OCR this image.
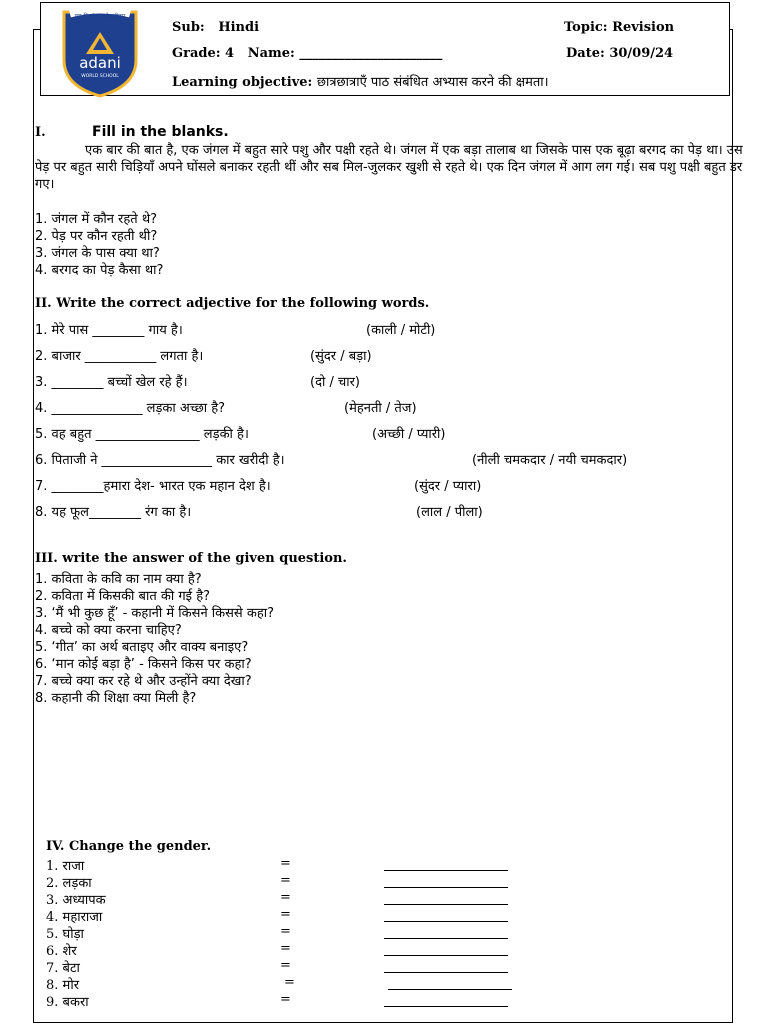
यत्र विश्वं भवत्येकनीडम्
adani
WORLD SCHOOL
Sub: Hindi	Topic: Revision
Grade: 4 Name: ______________________	Date: 30/09/24
Learning objective: छात्रछात्राएँ पाठ संबंधित अभ्यास करने की क्षमता।
I.	Fill in the blanks.
एक बार की बात है, एक जंगल में बहुत सारे पशु और पक्षी रहते थे। जंगल में एक बड़ा तालाब था जिसके पास एक बूढ़ा बरगद का पेड़ था। उस पेड़ पर बहुत सारी चिड़ियाँ अपने घोंसले बनाकर रहती थीं और सब मिल-जुलकर खुशी से रहते थे। एक दिन जंगल में आग लग गई। सब पशु पक्षी बहुत डर गए।
1. जंगल में कौन रहते थे?
2. पेड़ पर कौन रहती थी?
3. जंगल के पास क्या था?
4. बरगद का पेड़ कैसा था?
II. Write the correct adjective for the following words.
1. मेरे पास ________ गाय है।	(काली / मोटी)
2. बाजार ___________ लगता है।	(सुंदर / बड़ा)
3. ________ बच्चों खेल रहे हैं।	(दो / चार)
4. ______________ लड़का अच्छा है?	(मेहनती / तेज)
5. वह बहुत ________________ लड़की है।	(अच्छी / प्यारी)
6. पिताजी ने _________________ कार खरीदी है।	(नीली चमकदार / नयी चमकदार)
7. ________हमारा देश- भारत एक महान देश है।	(सुंदर / प्यारा)
8. यह फूल________ रंग का है।	(लाल / पीला)
III. write the answer of the given question.
1. कविता के कवि का नाम क्या है?
2. कविता में किसकी बात की गई है?
3. ‘मैं भी कुछ हूँ’ - कहानी में किसने किससे कहा?
4. बच्चे को क्या करना चाहिए?
5. ‘गीत’ का अर्थ बताइए और वाक्य बनाइए?
6. ‘मान कोई बड़ा है’ - किसने किस पर कहा?
7. बच्चे क्या कर रहे थे और उन्होंने क्या देखा?
8. कहानी की शिक्षा क्या मिली है?
IV. Change the gender.
1. राजा	=
2. लड़का	=
3. अध्यापक	=
4. महाराजा	=
5. घोड़ा	=
6. शेर	=
7. बेटा	=
8. मोर	=
9. बकरा	=
